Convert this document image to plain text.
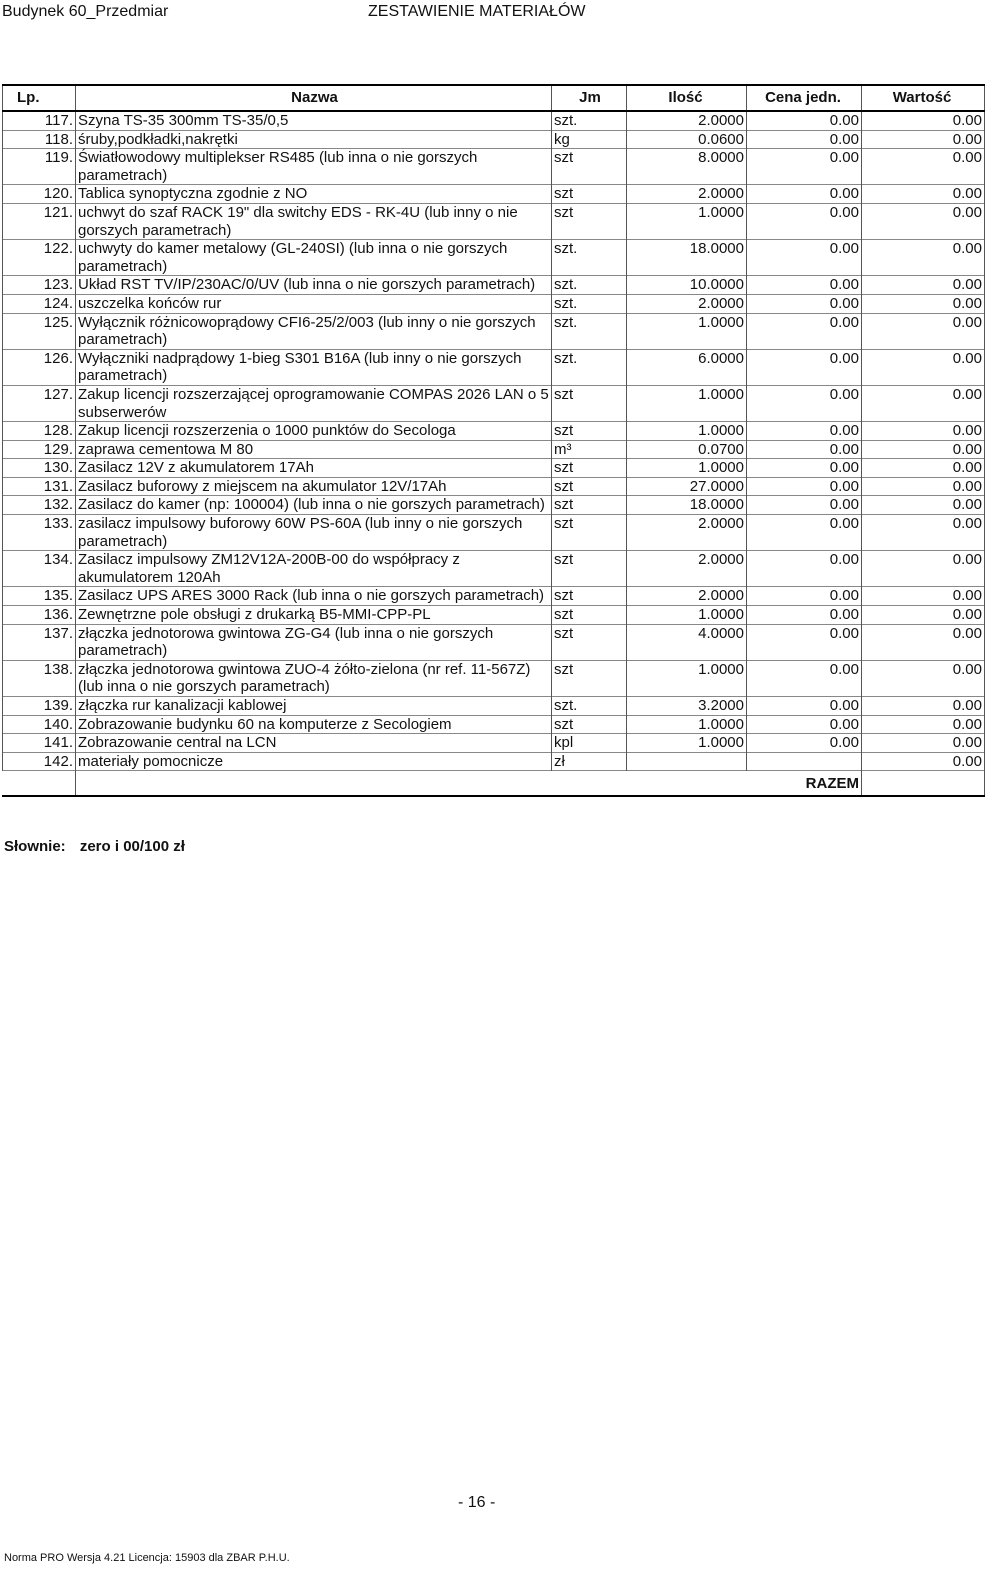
Budynek 60_Przedmiar	ZESTAWIENIE MATERIAŁÓW
Lp.	Nazwa	Jm	Ilość	Cena jedn.	Wartość
117.	Szyna TS-35 300mm TS-35/0,5	szt.	2.0000	0.00	0.00
118.	śruby,podkładki,nakrętki	kg	0.0600	0.00	0.00
119.	Światłowodowy multiplekser RS485 (lub inna o nie gorszych parametrach)	szt	8.0000	0.00	0.00
120.	Tablica synoptyczna zgodnie z NO	szt	2.0000	0.00	0.00
121.	uchwyt do szaf RACK 19" dla switchy EDS - RK-4U (lub inny o nie gorszych parametrach)	szt	1.0000	0.00	0.00
122.	uchwyty do kamer metalowy (GL-240SI) (lub inna o nie gorszych parametrach)	szt.	18.0000	0.00	0.00
123.	Układ RST TV/IP/230AC/0/UV (lub inna o nie gorszych parametrach)	szt.	10.0000	0.00	0.00
124.	uszczelka końców rur	szt.	2.0000	0.00	0.00
125.	Wyłącznik różnicowoprądowy CFI6-25/2/003 (lub inny o nie gorszych parametrach)	szt.	1.0000	0.00	0.00
126.	Wyłączniki nadprądowy 1-bieg S301 B16A (lub inny o nie gorszych parametrach)	szt.	6.0000	0.00	0.00
127.	Zakup licencji rozszerzającej oprogramowanie COMPAS 2026 LAN o 5 subserwerów	szt	1.0000	0.00	0.00
128.	Zakup licencji rozszerzenia o 1000 punktów do Secologa	szt	1.0000	0.00	0.00
129.	zaprawa cementowa M 80	m³	0.0700	0.00	0.00
130.	Zasilacz 12V z akumulatorem 17Ah	szt	1.0000	0.00	0.00
131.	Zasilacz buforowy z miejscem na akumulator 12V/17Ah	szt	27.0000	0.00	0.00
132.	Zasilacz do kamer (np: 100004) (lub inna o nie gorszych parametrach)	szt	18.0000	0.00	0.00
133.	zasilacz impulsowy buforowy 60W PS-60A (lub inny o nie gorszych parametrach)	szt	2.0000	0.00	0.00
134.	Zasilacz impulsowy ZM12V12A-200B-00 do współpracy z akumulatorem 120Ah	szt	2.0000	0.00	0.00
135.	Zasilacz UPS ARES 3000 Rack (lub inna o nie gorszych parametrach)	szt	2.0000	0.00	0.00
136.	Zewnętrzne pole obsługi z drukarką B5-MMI-CPP-PL	szt	1.0000	0.00	0.00
137.	złączka jednotorowa gwintowa ZG-G4 (lub inna o nie gorszych parametrach)	szt	4.0000	0.00	0.00
138.	złączka jednotorowa gwintowa ZUO-4 żółto-zielona (nr ref. 11-567Z) (lub inna o nie gorszych parametrach)	szt	1.0000	0.00	0.00
139.	złączka rur kanalizacji kablowej	szt.	3.2000	0.00	0.00
140.	Zobrazowanie budynku 60 na komputerze z Secologiem	szt	1.0000	0.00	0.00
141.	Zobrazowanie central na LCN	kpl	1.0000	0.00	0.00
142.	materiały pomocnicze	zł			0.00
				RAZEM	
Słownie: zero i 00/100 zł
- 16 -
Norma PRO Wersja 4.21 Licencja: 15903 dla ZBAR P.H.U.
